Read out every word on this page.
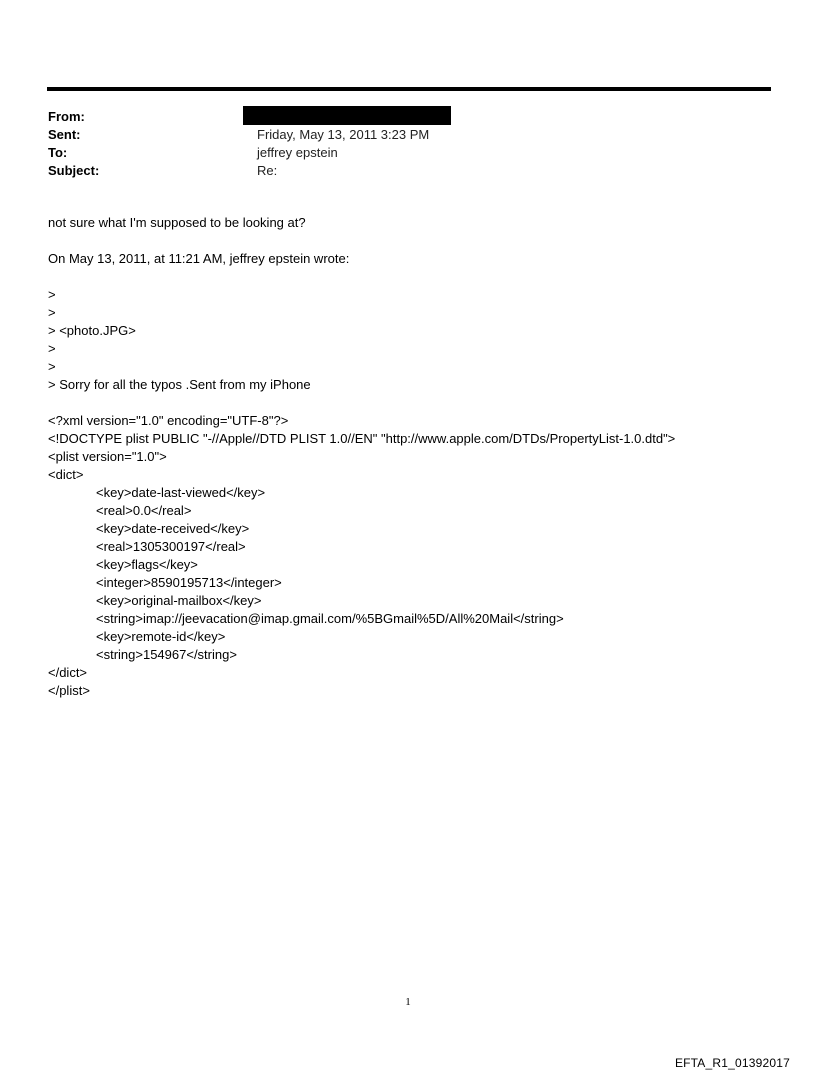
From:
Sent:	Friday, May 13, 2011 3:23 PM
To:	jeffrey epstein
Subject:	Re:
not sure what I'm supposed to be looking at?
On May 13, 2011, at 11:21 AM, jeffrey epstein wrote:
>
>
> <photo.JPG>
>
>
> Sorry for all the typos .Sent from my iPhone
<?xml version="1.0" encoding="UTF-8"?>
<!DOCTYPE plist PUBLIC "-//Apple//DTD PLIST 1.0//EN" "http://www.apple.com/DTDs/PropertyList-1.0.dtd">
<plist version="1.0">
<dict>
<key>date-last-viewed</key>
<real>0.0</real>
<key>date-received</key>
<real>1305300197</real>
<key>flags</key>
<integer>8590195713</integer>
<key>original-mailbox</key>
<string>imap://jeevacation@imap.gmail.com/%5BGmail%5D/All%20Mail</string>
<key>remote-id</key>
<string>154967</string>
</dict>
</plist>
1
EFTA_R1_01392017
